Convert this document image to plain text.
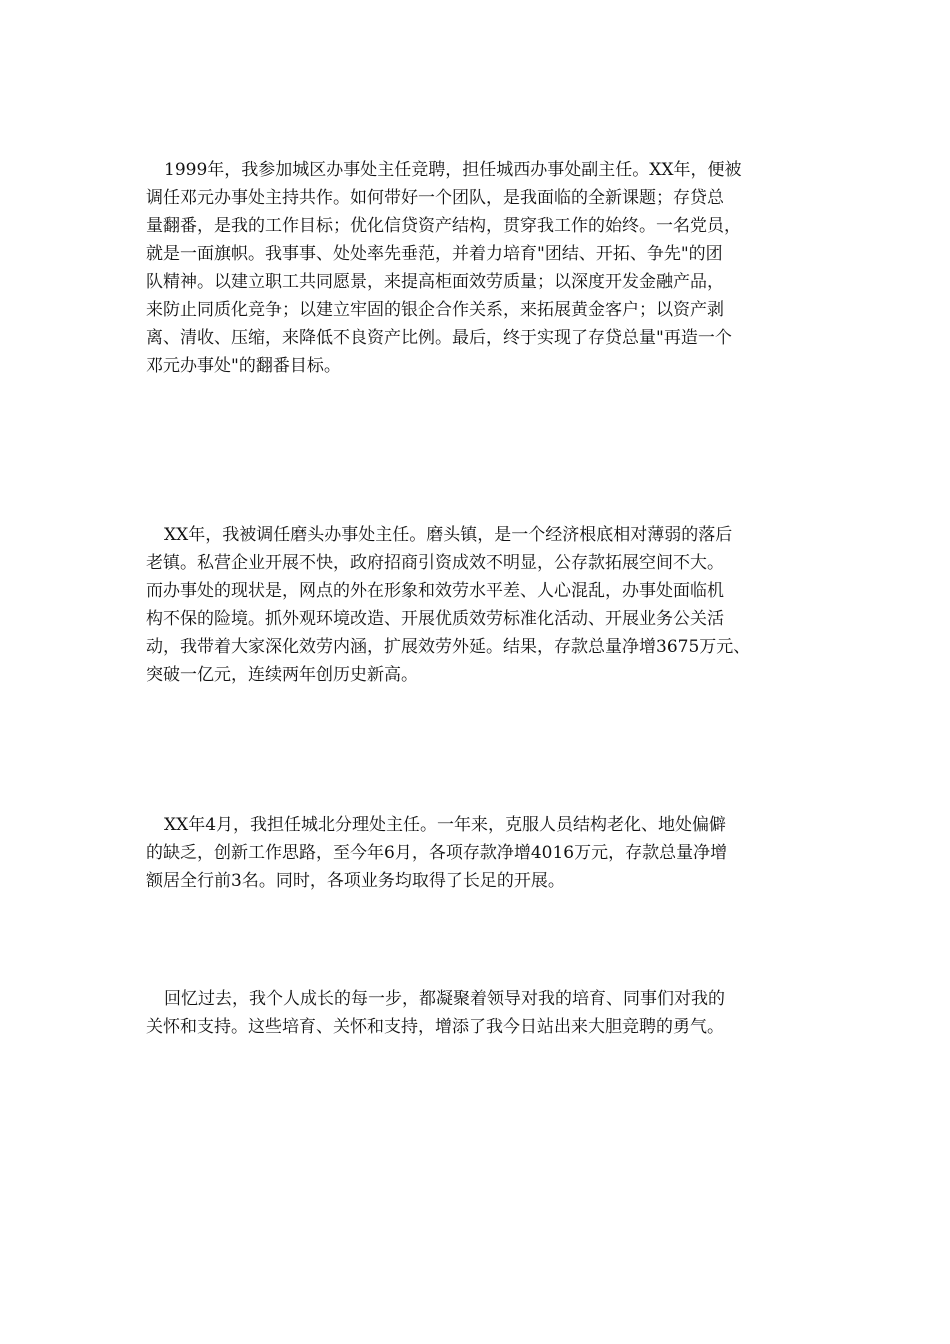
1999年，我参加城区办事处主任竞聘，担任城西办事处副主任。XX年，便被
调任邓元办事处主持共作。如何带好一个团队，是我面临的全新课题；存贷总
量翻番，是我的工作目标；优化信贷资产结构，贯穿我工作的始终。一名党员，
就是一面旗帜。我事事、处处率先垂范，并着力培育"团结、开拓、争先"的团
队精神。以建立职工共同愿景，来提高柜面效劳质量；以深度开发金融产品，
来防止同质化竞争；以建立牢固的银企合作关系，来拓展黄金客户；以资产剥
离、清收、压缩，来降低不良资产比例。最后，终于实现了存贷总量"再造一个
邓元办事处"的翻番目标。

XX年，我被调任磨头办事处主任。磨头镇，是一个经济根底相对薄弱的落后
老镇。私营企业开展不快，政府招商引资成效不明显，公存款拓展空间不大。
而办事处的现状是，网点的外在形象和效劳水平差、人心混乱，办事处面临机
构不保的险境。抓外观环境改造、开展优质效劳标准化活动、开展业务公关活
动，我带着大家深化效劳内涵，扩展效劳外延。结果，存款总量净增3675万元、
突破一亿元，连续两年创历史新高。

XX年4月，我担任城北分理处主任。一年来，克服人员结构老化、地处偏僻
的缺乏，创新工作思路，至今年6月，各项存款净增4016万元，存款总量净增
额居全行前3名。同时，各项业务均取得了长足的开展。

回忆过去，我个人成长的每一步，都凝聚着领导对我的培育、同事们对我的
关怀和支持。这些培育、关怀和支持，增添了我今日站出来大胆竞聘的勇气。
